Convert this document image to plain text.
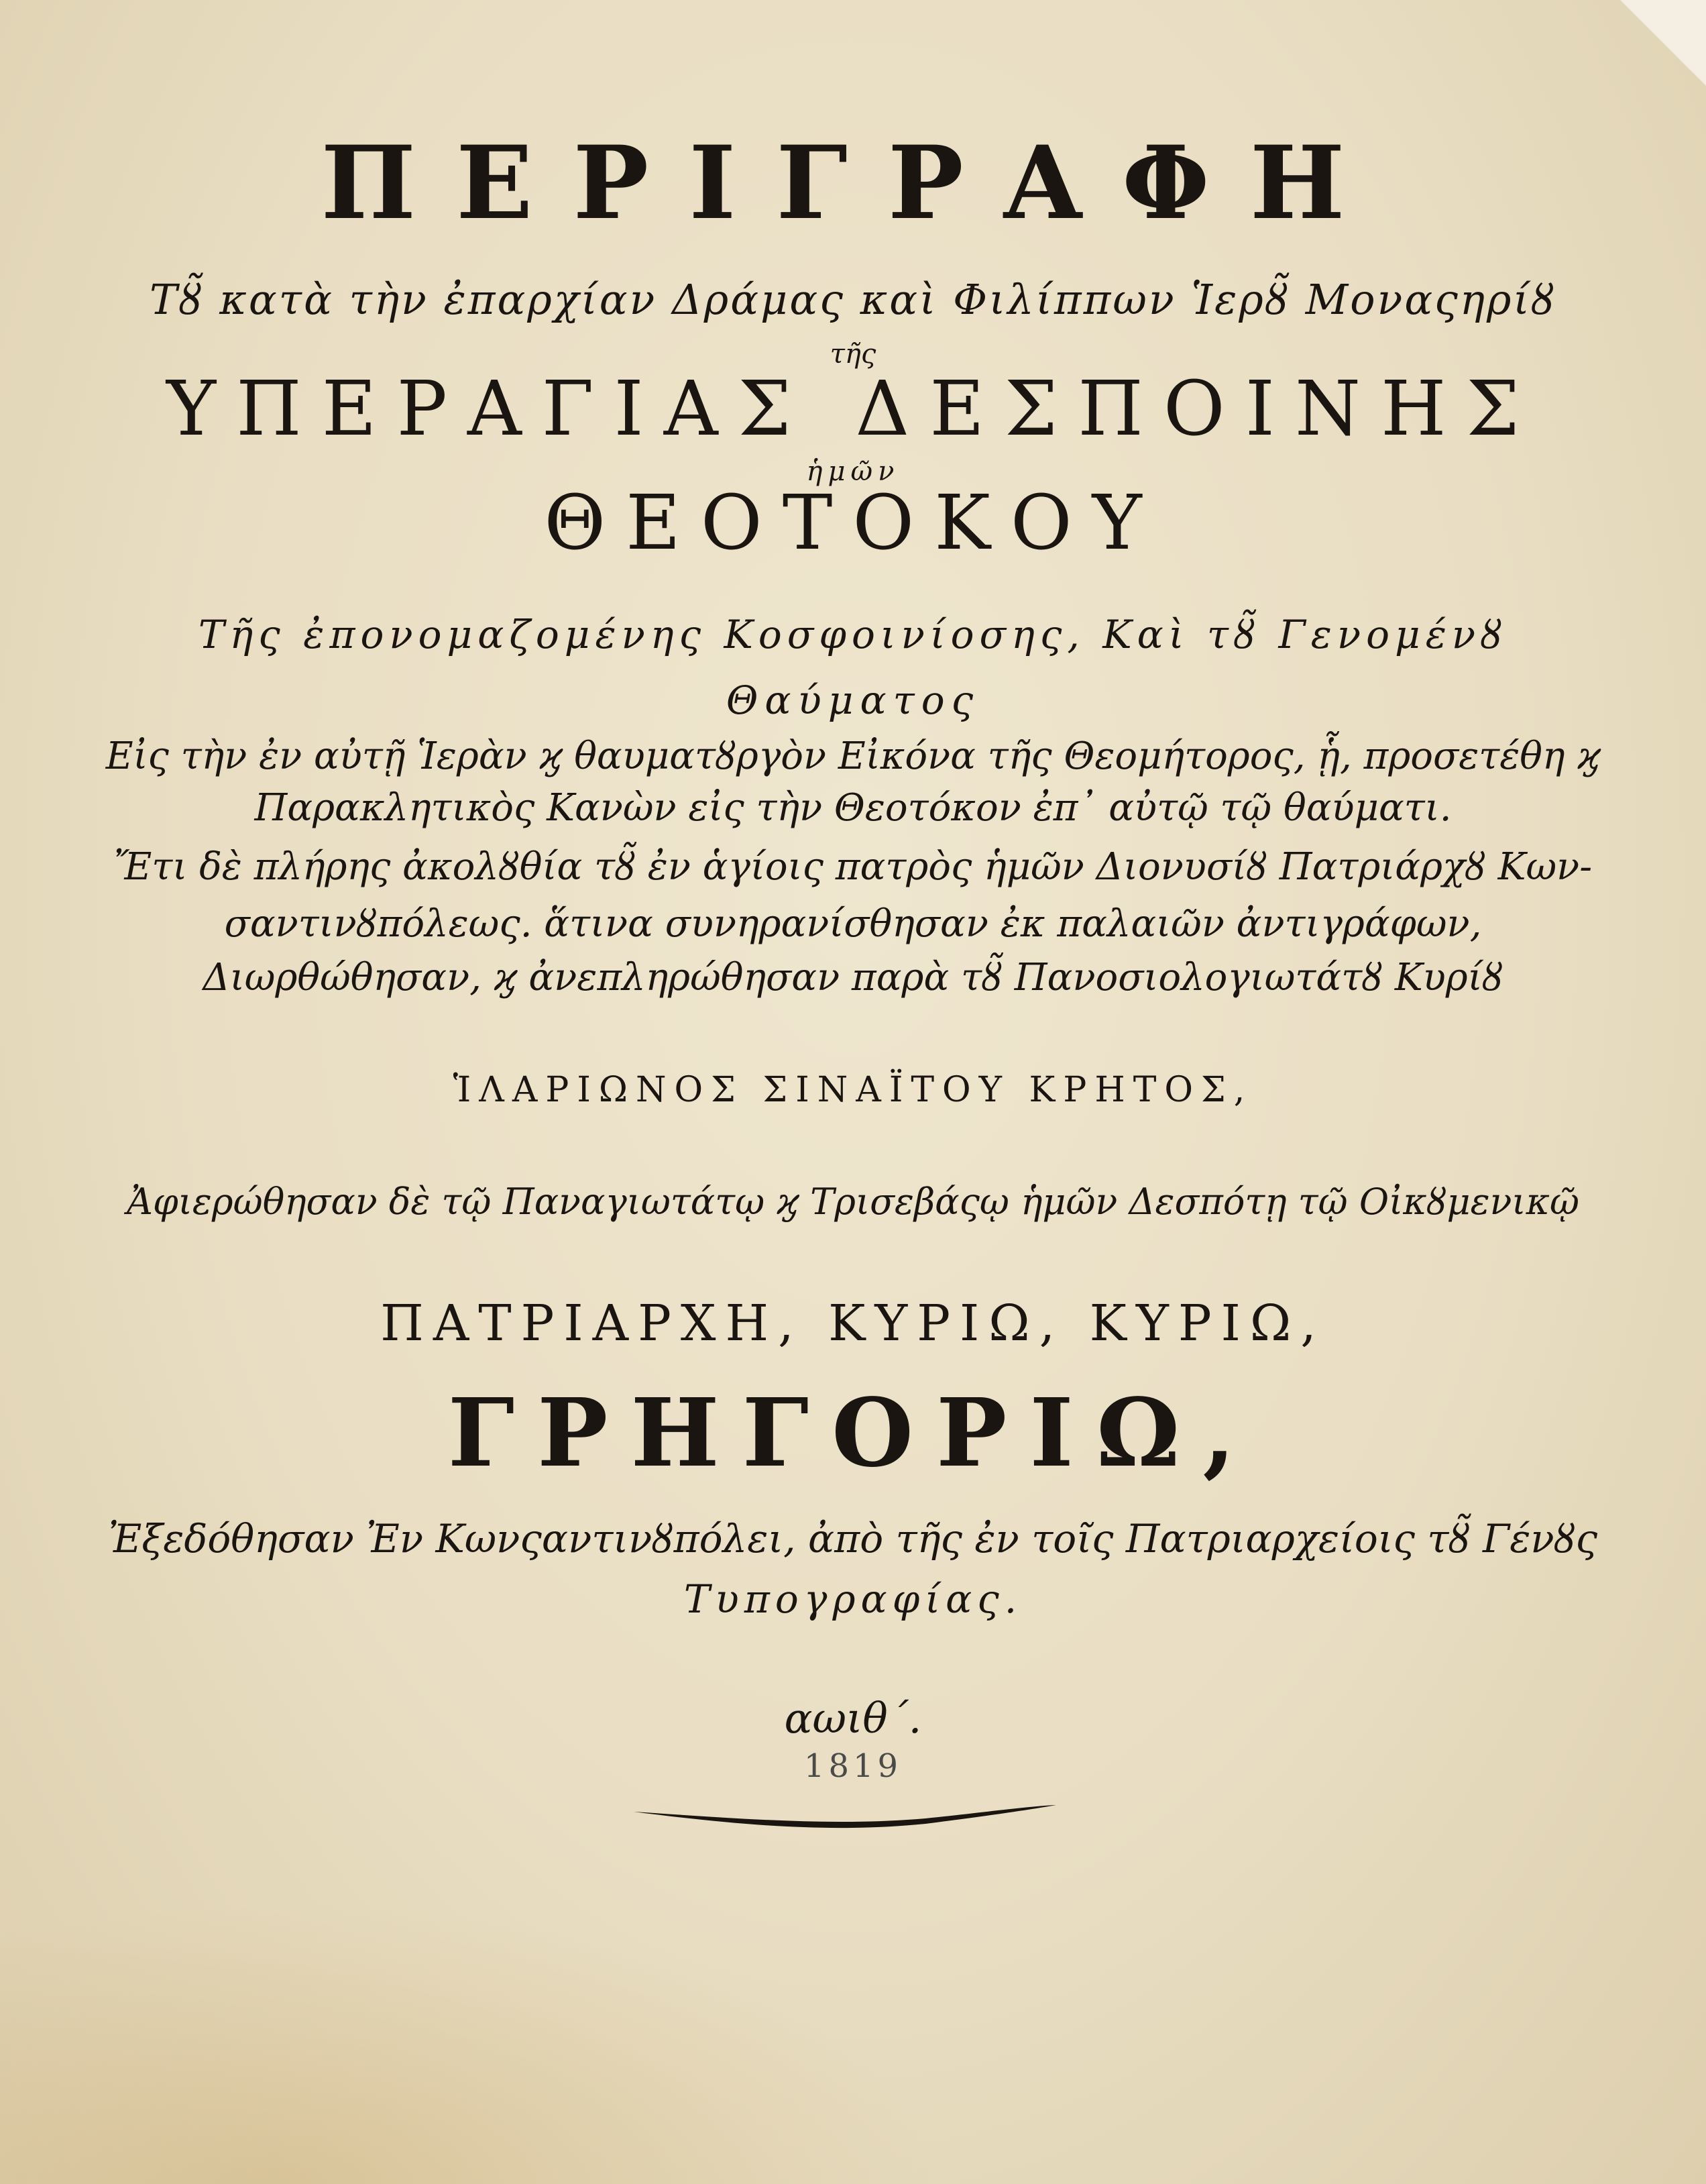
ΠΕΡΙΓΡΑΦΗ
Τȣ̃ κατὰ τὴν ἐπαρχίαν Δράμας καὶ Φιλίππων Ἱερȣ̃ Μοναςηρίȣ
τῆς
ΥΠΕΡΑΓΙΑΣ ΔΕΣΠΟΙΝΗΣ
ἡμῶν
ΘΕΟΤΟΚΟΥ
Τῆς ἐπονομαζομένης Κοσφοινίοσης, Καὶ τȣ̃ Γενομένȣ
Θαύματος
Εἰς τὴν ἐν αὐτῇ Ἱερὰν ϗ θαυματȣργὸν Εἰκόνα τῆς Θεομήτορος, ᾗ, προσετέθη ϗ
Παρακλητικὸς Κανὼν εἰς τὴν Θεοτόκον ἐπ᾽ αὐτῷ τῷ θαύματι.
Ἔτι δὲ πλήρης ἀκολȣθία τȣ̃ ἐν ἁγίοις πατρὸς ἡμῶν Διονυσίȣ Πατριάρχȣ Κων-
σαντινȣπόλεως. ἅτινα συνηρανίσθησαν ἐκ παλαιῶν ἀντιγράφων,
Διωρθώθησαν, ϗ ἀνεπληρώθησαν παρὰ τȣ̃ Πανοσιολογιωτάτȣ Κυρίȣ
ἹΛΑΡΙΩΝΟΣ ΣΙΝΑΪΤΟΥ ΚΡΗΤΟΣ,
Ἀφιερώθησαν δὲ τῷ Παναγιωτάτῳ ϗ Τρισεβάςῳ ἡμῶν Δεσπότῃ τῷ Οἰκȣμενικῷ
ΠΑΤΡΙΑΡΧΗ, ΚΥΡΙΩ, ΚΥΡΙΩ,
ΓΡΗΓΟΡΙΩ,
Ἐξεδόθησαν Ἐν Κωνςαντινȣπόλει, ἀπὸ τῆς ἐν τοῖς Πατριαρχείοις τȣ̃ Γένȣς
Τυπογραφίας.
αωιθ΄.
1819
